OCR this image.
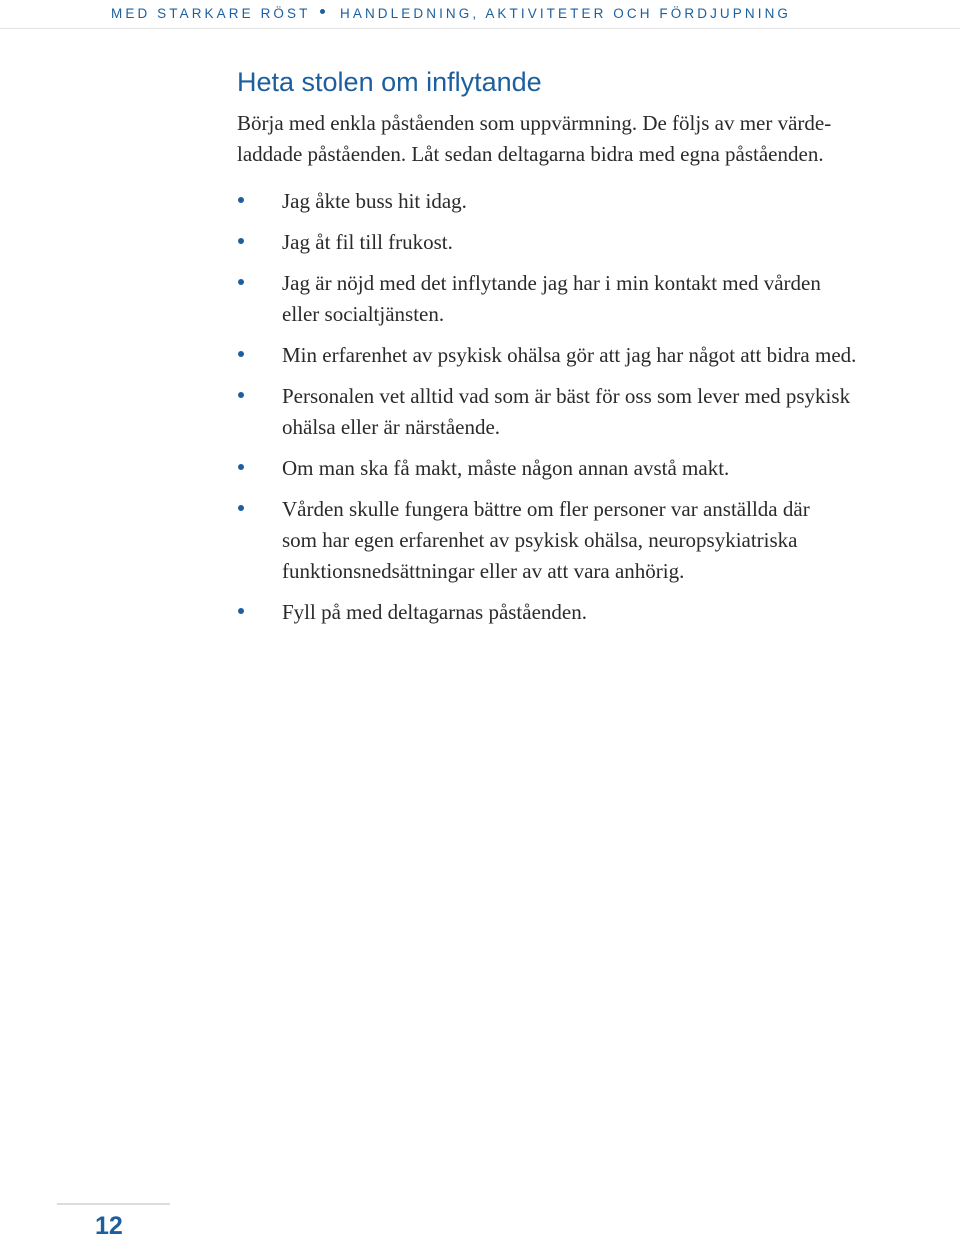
MED STARKARE RÖST HANDLEDNING, AKTIVITETER OCH FÖRDJUPNING
Heta stolen om inflytande

Börja med enkla påståenden som uppvärmning. De följs av mer värde-
laddade påståenden. Låt sedan deltagarna bidra med egna påståenden.

Jag åkte buss hit idag.
Jag åt fil till frukost.
Jag är nöjd med det inflytande jag har i min kontakt med vården
eller socialtjänsten.
Min erfarenhet av psykisk ohälsa gör att jag har något att bidra med.
Personalen vet alltid vad som är bäst för oss som lever med psykisk
ohälsa eller är närstående.
Om man ska få makt, måste någon annan avstå makt.
Vården skulle fungera bättre om fler personer var anställda där
som har egen erfarenhet av psykisk ohälsa, neuropsykiatriska
funktionsnedsättningar eller av att vara anhörig.
Fyll på med deltagarnas påståenden.
12
